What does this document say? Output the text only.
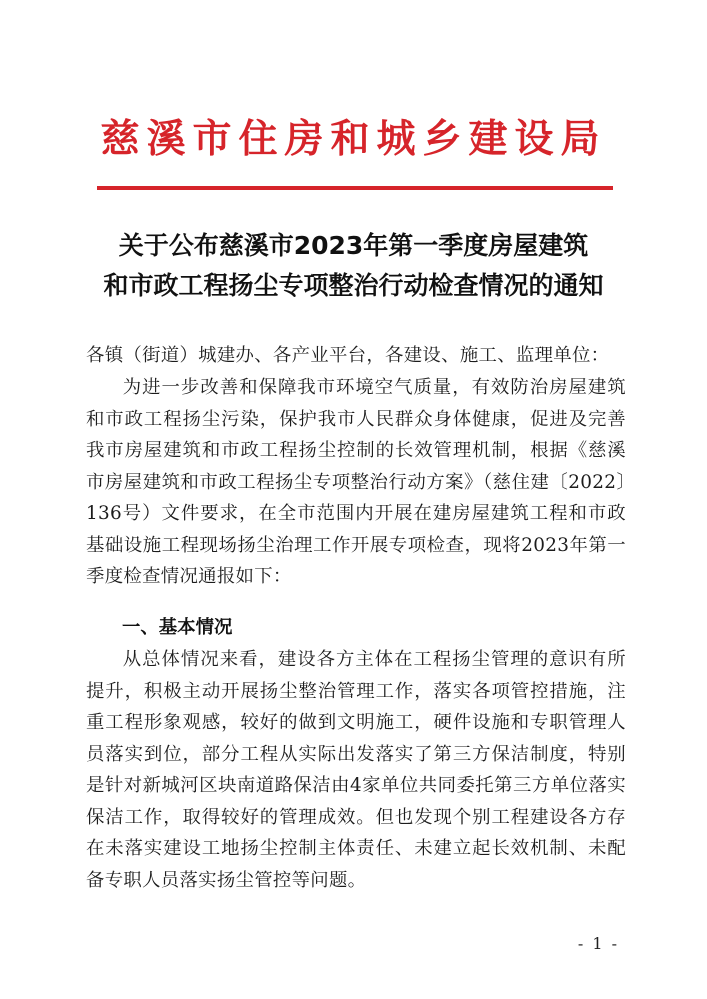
慈溪市住房和城乡建设局
关于公布慈溪市2023年第一季度房屋建筑
和市政工程扬尘专项整治行动检查情况的通知
各镇（街道）城建办、各产业平台，各建设、施工、监理单位：
为进一步改善和保障我市环境空气质量，有效防治房屋建筑和市政工程扬尘污染，保护我市人民群众身体健康，促进及完善我市房屋建筑和市政工程扬尘控制的长效管理机制，根据《慈溪市房屋建筑和市政工程扬尘专项整治行动方案》（慈住建〔2022〕136号）文件要求，在全市范围内开展在建房屋建筑工程和市政基础设施工程现场扬尘治理工作开展专项检查，现将2023年第一季度检查情况通报如下：
一、基本情况
从总体情况来看，建设各方主体在工程扬尘管理的意识有所提升，积极主动开展扬尘整治管理工作，落实各项管控措施，注重工程形象观感，较好的做到文明施工，硬件设施和专职管理人员落实到位，部分工程从实际出发落实了第三方保洁制度，特别是针对新城河区块南道路保洁由4家单位共同委托第三方单位落实保洁工作，取得较好的管理成效。但也发现个别工程建设各方存在未落实建设工地扬尘控制主体责任、未建立起长效机制、未配备专职人员落实扬尘管控等问题。
- 1 -
